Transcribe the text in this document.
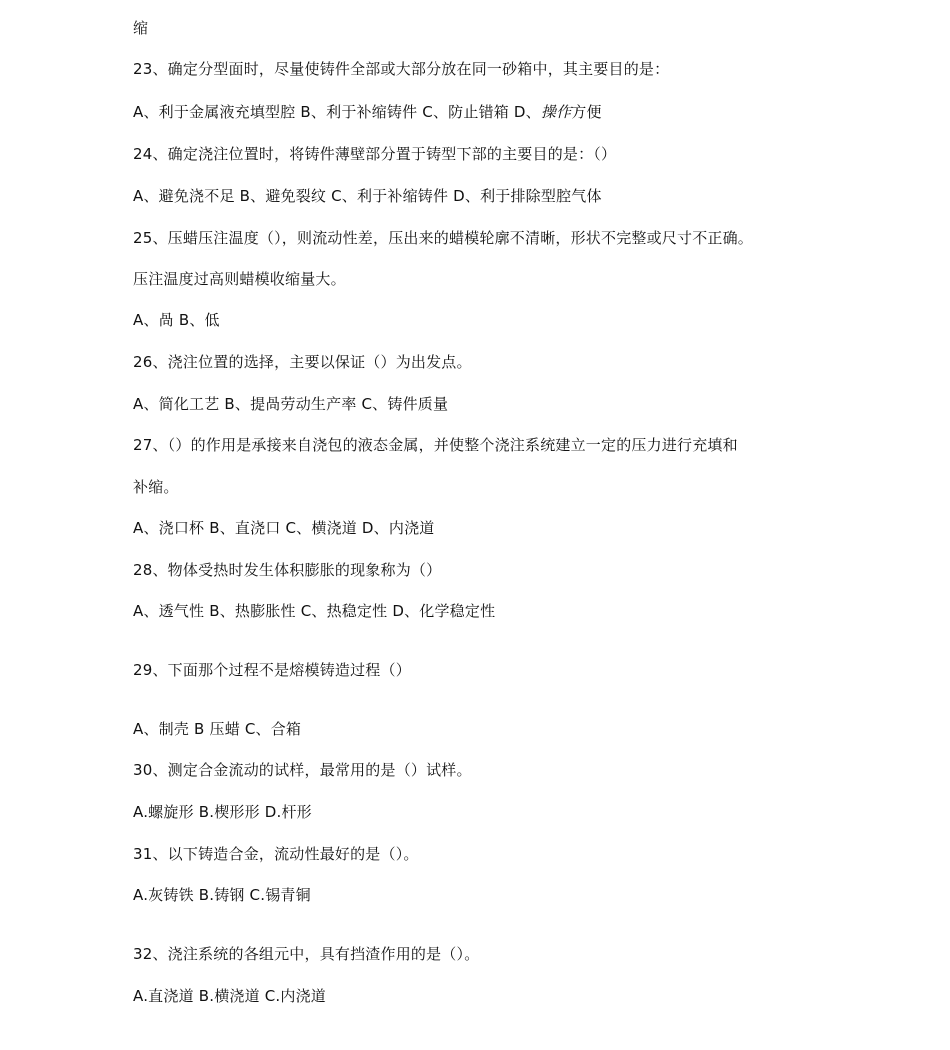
缩
23、确定分型面时，尽量使铸件全部或大部分放在同一砂箱中，其主要目的是：
A、利于金属液充填型腔 B、利于补缩铸件 C、防止错箱 D、操作方便
24、确定浇注位置时，将铸件薄壁部分置于铸型下部的主要目的是：（）
A、避免浇不足 B、避免裂纹 C、利于补缩铸件 D、利于排除型腔气体
25、压蜡压注温度（），则流动性差，压出来的蜡模轮廓不清晰，形状不完整或尺寸不正确。
压注温度过高则蜡模收缩量大。
A、咼 B、低
26、浇注位置的选择，主要以保证（）为出发点。
A、简化工艺 B、提咼劳动生产率 C、铸件质量
27、（）的作用是承接来自浇包的液态金属，并使整个浇注系统建立一定的压力进行充填和
补缩。
A、浇口杯 B、直浇口 C、横浇道 D、内浇道
28、物体受热时发生体积膨胀的现象称为（）
A、透气性 B、热膨胀性 C、热稳定性 D、化学稳定性
29、下面那个过程不是熔模铸造过程（）
A、制壳 B 压蜡 C、合箱
30、测定合金流动的试样，最常用的是（）试样。
A.螺旋形 B.楔形形 D.杆形
31、以下铸造合金，流动性最好的是（）。
A.灰铸铁 B.铸钢 C.锡青铜
32、浇注系统的各组元中，具有挡渣作用的是（）。
A.直浇道 B.横浇道 C.内浇道
